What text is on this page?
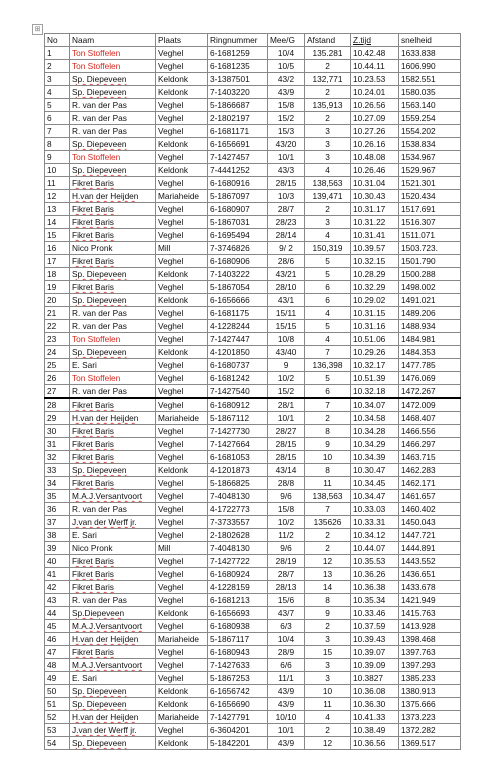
⊞
No	Naam	Plaats	Ringnummer	Mee/G	Afstand	Z.tijd	snelheid
1	Ton Stoffelen	Veghel	6-1681259	10/4	135.281	10.42.48	1633.838
2	Ton Stoffelen	Veghel	6-1681235	10/5	2	10.44.11	1606.990
3	Sp. Diepeveen	Keldonk	3-1387501	43/2	132,771	10.23.53	1582.551
4	Sp. Diepeveen	Keldonk	7-1403220	43/9	2	10.24.01	1580.035
5	R. van der Pas	Veghel	5-1866687	15/8	135,913	10.26.56	1563.140
6	R. van der Pas	Veghel	2-1802197	15/2	2	10.27.09	1559.254
7	R. van der Pas	Veghel	6-1681171	15/3	3	10.27.26	1554.202
8	Sp. Diepeveen	Keldonk	6-1656691	43/20	3	10.26.16	1538.834
9	Ton Stoffelen	Veghel	7-1427457	10/1	3	10.48.08	1534.967
10	Sp. Diepeveen	Keldonk	7-4441252	43/3	4	10.26.46	1529.967
11	Fikret Baris	Veghel	6-1680916	28/15	138,563	10.31.04	1521.301
12	H.van der Heijden	Mariaheide	5-1867097	10/3	139,471	10.30.43	1520.434
13	Fikret Baris	Veghel	6-1680907	28/7	2	10.31.17	1517.691
14	Fikret Baris	Veghel	5-1867031	28/23	3	10.31.22	1516.307
15	Fikret Baris	Veghel	6-1695494	28/14	4	10.31.41	1511.071
16	Nico Pronk	Mill	7-3746826	9/ 2	150,319	10.39.57	1503.723.
17	Fikret Baris	Veghel	6-1680906	28/6	5	10.32.15	1501.790
18	Sp. Diepeveen	Keldonk	7-1403222	43/21	5	10.28.29	1500.288
19	Fikret Baris	Veghel	5-1867054	28/10	6	10.32.29	1498.002
20	Sp. Diepeveen	Keldonk	6-1656666	43/1	6	10.29.02	1491.021
21	R. van der Pas	Veghel	6-1681175	15/11	4	10.31.15	1489.206
22	R. van der Pas	Veghel	4-1228244	15/15	5	10.31.16	1488.934
23	Ton Stoffelen	Veghel	7-1427447	10/8	4	10.51.06	1484.981
24	Sp. Diepeveen	Keldonk	4-1201850	43/40	7	10.29.26	1484.353
25	E. Sari	Veghel	6-1680737	9	136,398	10.32.17	1477.785
26	Ton Stoffelen	Veghel	6-1681242	10/2	5	10.51.39	1476.069
27	R. van der Pas	Veghel	7-1427540	15/2	6	10.32.18	1472.267
28	Fikret Baris	Veghel	6-1680912	28/1	7	10.34.07	1472.009
29	H.van der Heijden	Mariaheide	5-1867112	10/1	2	10.34.58	1468.407
30	Fikret Baris	Veghel	7-1427730	28/27	8	10.34.28	1466.556
31	Fikret Baris	Veghel	7-1427664	28/15	9	10.34.29	1466.297
32	Fikret Baris	Veghel	6-1681053	28/15	10	10.34.39	1463.715
33	Sp. Diepeveen	Keldonk	4-1201873	43/14	8	10.30.47	1462.283
34	Fikret Baris	Veghel	5-1866825	28/8	11	10.34.45	1462.171
35	M.A.J.Versantvoort	Veghel	7-4048130	9/6	138,563	10.34.47	1461.657
36	R. van der Pas	Veghel	4-1722773	15/8	7	10.33.03	1460.402
37	J.van der Werff jr.	Veghel	7-3733557	10/2	135626	10.33.31	1450.043
38	E. Sari	Veghel	2-1802628	11/2	2	10.34.12	1447.721
39	Nico Pronk	Mill	7-4048130	9/6	2	10.44.07	1444.891
40	Fikret Baris	Veghel	7-1427722	28/19	12	10.35.53	1443.552
41	Fikret Baris	Veghel	6-1680924	28/7	13	10.36.26	1436.651
42	Fikret Baris	Veghel	4-1228159	28/13	14	10.36.38	1433.678
43	R. van der Pas	Veghel	6-1681213	15/6	8	10.35.34	1421.949
44	Sp.Diepeveen	Keldonk	6-1656693	43/7	9	10.33.46	1415.763
45	M.A.J.Versantvoort	Veghel	6-1680938	6/3	2	10.37.59	1413.928
46	H.van der Heijden	Mariaheide	5-1867117	10/4	3	10.39.43	1398.468
47	Fikret Baris	Veghel	6-1680943	28/9	15	10.39.07	1397.763
48	M.A.J.Versantvoort	Veghel	7-1427633	6/6	3	10.39.09	1397.293
49	E. Sari	Veghel	5-1867253	11/1	3	10.3827	1385.233
50	Sp. Diepeveen	Keldonk	6-1656742	43/9	10	10.36.08	1380.913
51	Sp. Diepeveen	Keldonk	6-1656690	43/9	11	10.36.30	1375.666
52	H.van der Heijden	Mariaheide	7-1427791	10/10	4	10.41.33	1373.223
53	J.van der Werff jr.	Veghel	6-3604201	10/1	2	10.38.49	1372.282
54	Sp. Diepeveen	Keldonk	5-1842201	43/9	12	10.36.56	1369.517
